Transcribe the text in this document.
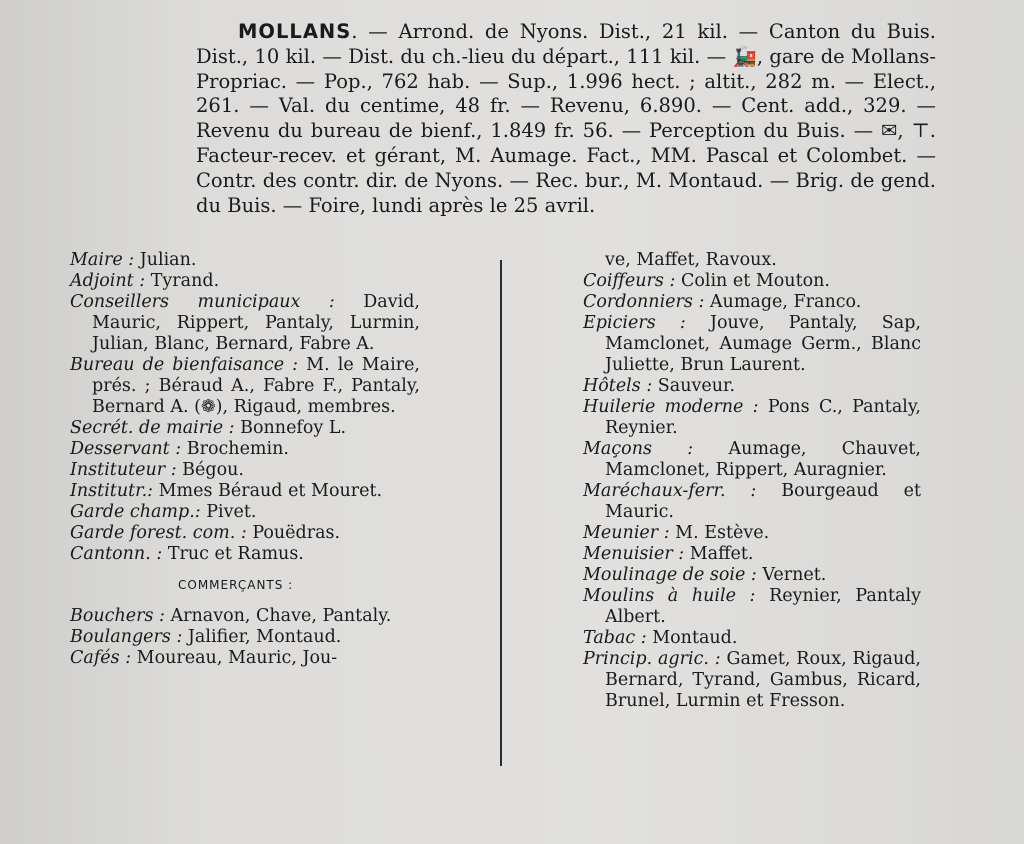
MOLLANS. — Arrond. de Nyons. Dist., 21 kil. — Canton du Buis. Dist., 10 kil. — Dist. du ch.-lieu du départ., 111 kil. — 🚂, gare de Mollans-Propriac. — Pop., 762 hab. — Sup., 1.996 hect. ; altit., 282 m. — Elect., 261. — Val. du centime, 48 fr. — Revenu, 6.890. — Cent. add., 329. — Revenu du bureau de bienf., 1.849 fr. 56. — Perception du Buis. — ✉, ⊤. Facteur-recev. et gérant, M. Aumage. Fact., MM. Pascal et Colombet. — Contr. des contr. dir. de Nyons. — Rec. bur., M. Montaud. — Brig. de gend. du Buis. — Foire, lundi après le 25 avril.
Maire : Julian.
Adjoint : Tyrand.
Conseillers municipaux : David, Mauric, Rippert, Pantaly, Lurmin, Julian, Blanc, Bernard, Fabre A.
Bureau de bienfaisance : M. le Maire, prés. ; Béraud A., Fabre F., Pantaly, Bernard A. (❁), Rigaud, membres.
Secrét. de mairie : Bonnefoy L.
Desservant : Brochemin.
Instituteur : Bégou.
Institutr.: Mmes Béraud et Mouret.
Garde champ.: Pivet.
Garde forest. com. : Pouëdras.
Cantonn. : Truc et Ramus.
COMMERÇANTS :
Bouchers : Arnavon, Chave, Pantaly.
Boulangers : Jalifier, Montaud.
Cafés : Moureau, Mauric, Jou-
ve, Maffet, Ravoux.
Coiffeurs : Colin et Mouton.
Cordonniers : Aumage, Franco.
Epiciers : Jouve, Pantaly, Sap, Mamclonet, Aumage Germ., Blanc Juliette, Brun Laurent.
Hôtels : Sauveur.
Huilerie moderne : Pons C., Pantaly, Reynier.
Maçons : Aumage, Chauvet, Mamclonet, Rippert, Auragnier.
Maréchaux-ferr. : Bourgeaud et Mauric.
Meunier : M. Estève.
Menuisier : Maffet.
Moulinage de soie : Vernet.
Moulins à huile : Reynier, Pantaly Albert.
Tabac : Montaud.
Princip. agric. : Gamet, Roux, Rigaud, Bernard, Tyrand, Gambus, Ricard, Brunel, Lurmin et Fresson.
